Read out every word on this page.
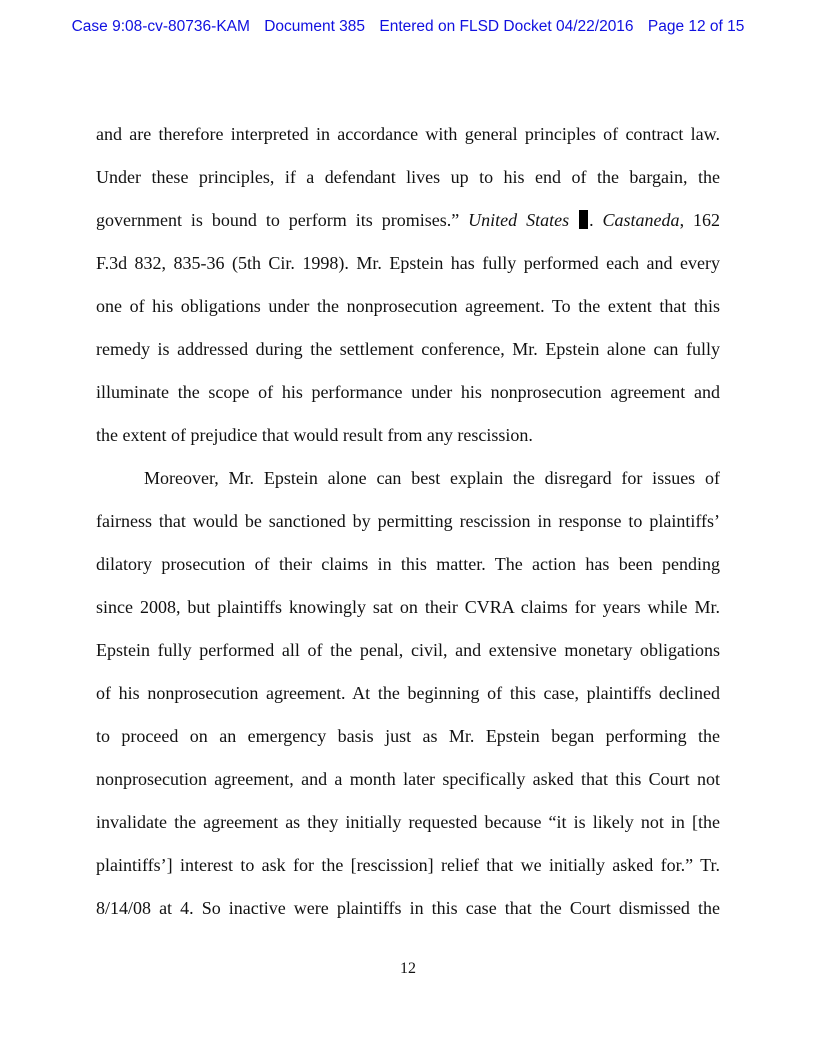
Case 9:08-cv-80736-KAM Document 385 Entered on FLSD Docket 04/22/2016 Page 12 of 15
and are therefore interpreted in accordance with general principles of contract law.
Under these principles, if a defendant lives up to his end of the bargain, the
government is bound to perform its promises.” United States . Castaneda, 162
F.3d 832, 835-36 (5th Cir. 1998). Mr. Epstein has fully performed each and every
one of his obligations under the nonprosecution agreement. To the extent that this
remedy is addressed during the settlement conference, Mr. Epstein alone can fully
illuminate the scope of his performance under his nonprosecution agreement and
the extent of prejudice that would result from any rescission.
Moreover, Mr. Epstein alone can best explain the disregard for issues of
fairness that would be sanctioned by permitting rescission in response to plaintiffs’
dilatory prosecution of their claims in this matter. The action has been pending
since 2008, but plaintiffs knowingly sat on their CVRA claims for years while Mr.
Epstein fully performed all of the penal, civil, and extensive monetary obligations
of his nonprosecution agreement. At the beginning of this case, plaintiffs declined
to proceed on an emergency basis just as Mr. Epstein began performing the
nonprosecution agreement, and a month later specifically asked that this Court not
invalidate the agreement as they initially requested because “it is likely not in [the
plaintiffs’] interest to ask for the [rescission] relief that we initially asked for.” Tr.
8/14/08 at 4. So inactive were plaintiffs in this case that the Court dismissed the
12
